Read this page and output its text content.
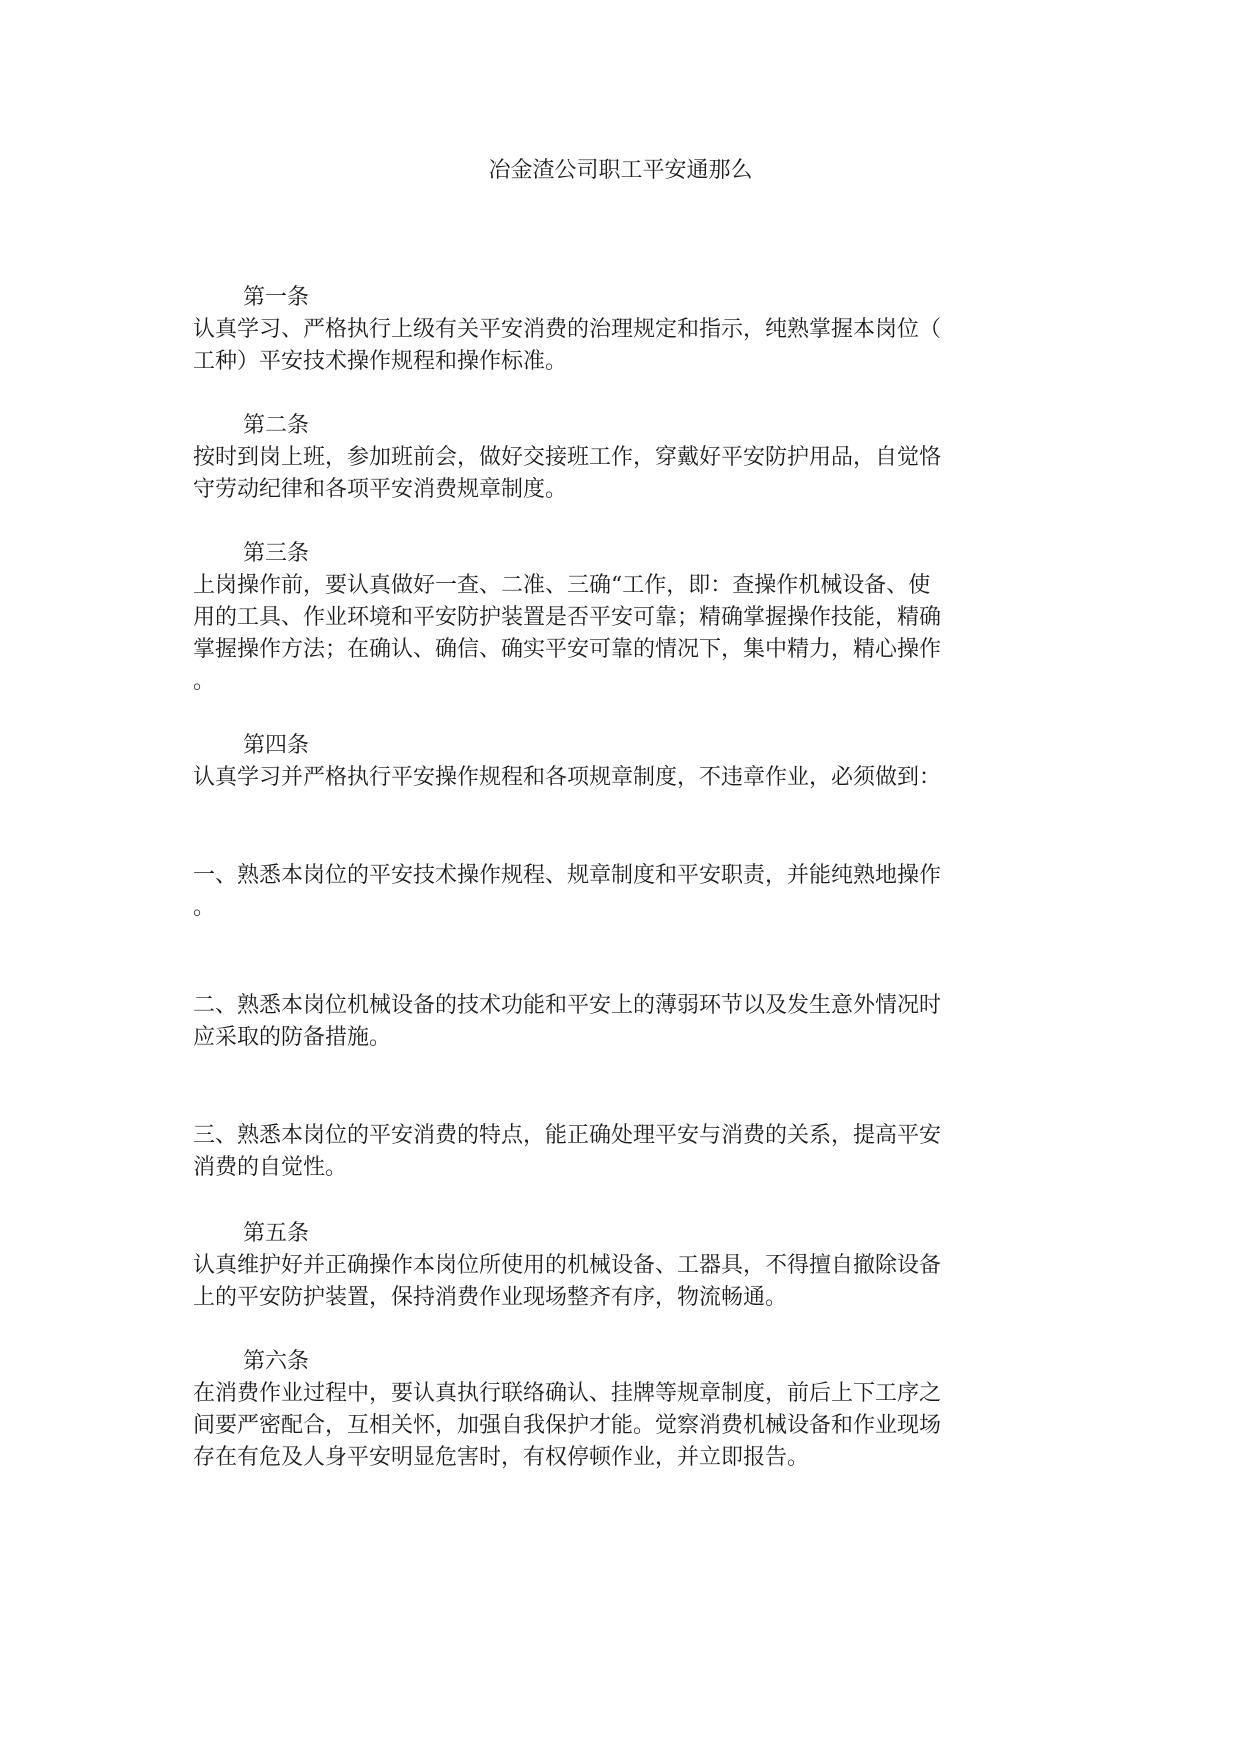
冶金渣公司职工平安通那么
第一条
认真学习、严格执行上级有关平安消费的治理规定和指示，纯熟掌握本岗位（
工种）平安技术操作规程和操作标准。
第二条
按时到岗上班，参加班前会，做好交接班工作，穿戴好平安防护用品，自觉恪
守劳动纪律和各项平安消费规章制度。
第三条
上岗操作前，要认真做好一查、二准、三确“工作，即：查操作机械设备、使
用的工具、作业环境和平安防护装置是否平安可靠；精确掌握操作技能，精确
掌握操作方法；在确认、确信、确实平安可靠的情况下，集中精力，精心操作
。
第四条
认真学习并严格执行平安操作规程和各项规章制度，不违章作业，必须做到：
一、熟悉本岗位的平安技术操作规程、规章制度和平安职责，并能纯熟地操作
。
二、熟悉本岗位机械设备的技术功能和平安上的薄弱环节以及发生意外情况时
应采取的防备措施。
三、熟悉本岗位的平安消费的特点，能正确处理平安与消费的关系，提高平安
消费的自觉性。
第五条
认真维护好并正确操作本岗位所使用的机械设备、工器具，不得擅自撤除设备
上的平安防护装置，保持消费作业现场整齐有序，物流畅通。
第六条
在消费作业过程中，要认真执行联络确认、挂牌等规章制度，前后上下工序之
间要严密配合，互相关怀，加强自我保护才能。觉察消费机械设备和作业现场
存在有危及人身平安明显危害时，有权停顿作业，并立即报告。
